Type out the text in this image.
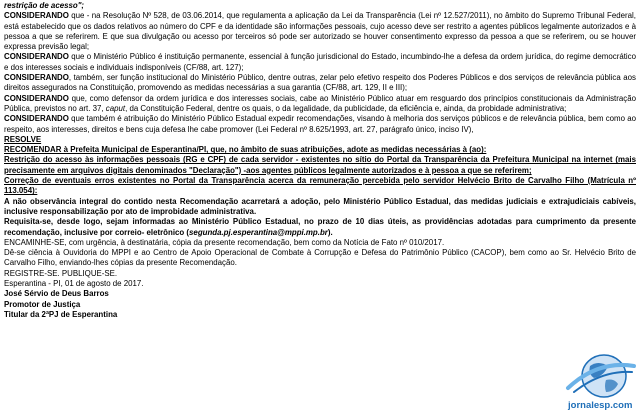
restrição de acesso";

CONSIDERANDO que - na Resolução Nº 528, de 03.06.2014, que regulamenta a aplicação da Lei da Transparência (Lei nº 12.527/2011), no âmbito do Supremo Tribunal Federal, está estabelecido que os dados relativos ao número do CPF e da identidade são informações pessoais, cujo acesso deve ser restrito a agentes públicos legalmente autorizados e à pessoa a que se referirem. E que sua divulgação ou acesso por terceiros só pode ser autorizado se houver consentimento expresso da pessoa a que se referirem, ou se houver expressa previsão legal;

CONSIDERANDO que o Ministério Público é instituição permanente, essencial à função jurisdicional do Estado, incumbindo-lhe a defesa da ordem jurídica, do regime democrático e dos interesses sociais e individuais indisponíveis (CF/88, art. 127);

CONSIDERANDO, também, ser função institucional do Ministério Público, dentre outras, zelar pelo efetivo respeito dos Poderes Públicos e dos serviços de relevância pública aos direitos assegurados na Constituição, promovendo as medidas necessárias a sua garantia (CF/88, art. 129, II e III);

CONSIDERANDO que, como defensor da ordem jurídica e dos interesses sociais, cabe ao Ministério Público atuar em resguardo dos princípios constitucionais da Administração Pública, previstos no art. 37, caput, da Constituição Federal, dentre os quais, o da legalidade, da publicidade, da eficiência e, ainda, da probidade administrativa;

CONSIDERANDO que também é atribuição do Ministério Público Estadual expedir recomendações, visando à melhoria dos serviços públicos e de relevância pública, bem como ao respeito, aos interesses, direitos e bens cuja defesa lhe cabe promover (Lei Federal nº 8.625/1993, art. 27, parágrafo único, inciso IV),

RESOLVE

RECOMENDAR à Prefeita Municipal de Esperantina/PI, que, no âmbito de suas atribuições, adote as medidas necessárias à (ao):

Restrição do acesso às informações pessoais (RG e CPF) de cada servidor - existentes no sítio do Portal da Transparência da Prefeitura Municipal na internet (mais precisamente em arquivos digitais denominados "Declaração") -aos agentes públicos legalmente autorizados e à pessoa a que se referirem;

Correção de eventuais erros existentes no Portal da Transparência acerca da remuneração percebida pelo servidor Helvécio Brito de Carvalho Filho (Matrícula nº 113.054):

A não observância integral do contido nesta Recomendação acarretará a adoção, pelo Ministério Público Estadual, das medidas judiciais e extrajudiciais cabíveis, inclusive responsabilização por ato de improbidade administrativa.

Requisita-se, desde logo, sejam informadas ao Ministério Público Estadual, no prazo de 10 dias úteis, as providências adotadas para cumprimento da presente recomendação, inclusive por correio- eletrônico (segunda.pj.esperantina@mppi.mp.br).

ENCAMINHE-SE, com urgência, à destinatária, cópia da presente recomendação, bem como da Notícia de Fato nº 010/2017.

Dê-se ciência à Ouvidoria do MPPI e ao Centro de Apoio Operacional de Combate à Corrupção e Defesa do Patrimônio Público (CACOP), bem como ao Sr. Helvécio Brito de Carvalho Filho, enviando-lhes cópias da presente Recomendação.

REGISTRE-SE. PUBLIQUE-SE.

Esperantina - PI, 01 de agosto de 2017.

José Sérvio de Deus Barros

Promotor de Justiça

Titular da 2ªPJ de Esperantina

jornalesp.com
